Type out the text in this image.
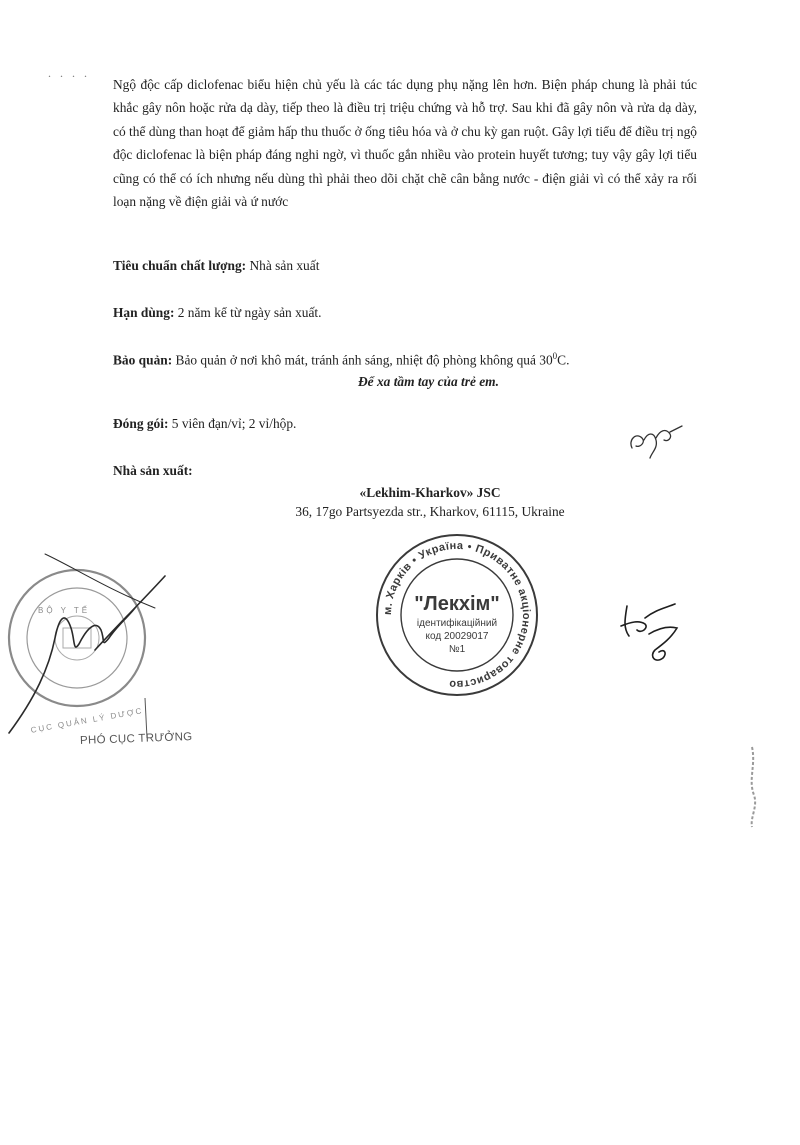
. . . .
Ngộ độc cấp diclofenac biểu hiện chủ yếu là các tác dụng phụ nặng lên hơn. Biện pháp chung là phải túc khắc gây nôn hoặc rửa dạ dày, tiếp theo là điều trị triệu chứng và hỗ trợ. Sau khi đã gây nôn và rửa dạ dày, có thể dùng than hoạt để giảm hấp thu thuốc ở ống tiêu hóa và ở chu kỳ gan ruột. Gây lợi tiểu để điều trị ngộ độc diclofenac là biện pháp đáng nghi ngờ, vì thuốc gắn nhiều vào protein huyết tương; tuy vậy gây lợi tiểu cũng có thể có ích nhưng nếu dùng thì phải theo dõi chặt chẽ cân bằng nước - điện giải vì có thể xảy ra rối loạn nặng về điện giải và ứ nước
Tiêu chuẩn chất lượng: Nhà sản xuất
Hạn dùng: 2 năm kể từ ngày sản xuất.
Bảo quản: Bảo quản ở nơi khô mát, tránh ánh sáng, nhiệt độ phòng không quá $30^0C$.
Để xa tầm tay của trẻ em.
Đóng gói: 5 viên đạn/vỉ; 2 vỉ/hộp.
Nhà sản xuất:
«Lekhim-Kharkov» JSC
36, 17go Partsyezda str., Kharkov, 61115, Ukraine
BỘ Y TẾ
CỤC QUẢN LÝ DƯỢC
PHÓ CỤC TRƯỞNG
м. Харків • Україна • Приватне акціонерне товариство
"Лекхім"
ідентифікаційний
код 20029017
№1
